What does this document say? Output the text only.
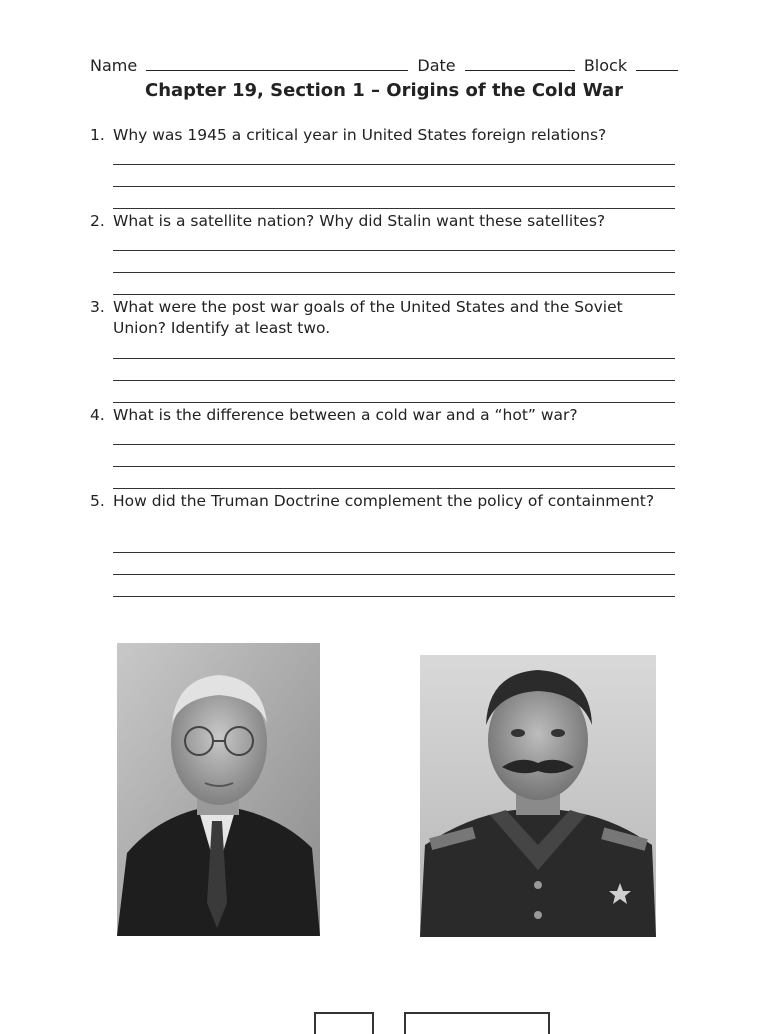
Name	Date	Block
Chapter 19, Section 1 – Origins of the Cold War
1. Why was 1945 a critical year in United States foreign relations?
2. What is a satellite nation? Why did Stalin want these satellites?
3. What were the post war goals of the United States and the Soviet Union? Identify at least two.
4. What is the difference between a cold war and a “hot” war?
5. How did the Truman Doctrine complement the policy of containment?
